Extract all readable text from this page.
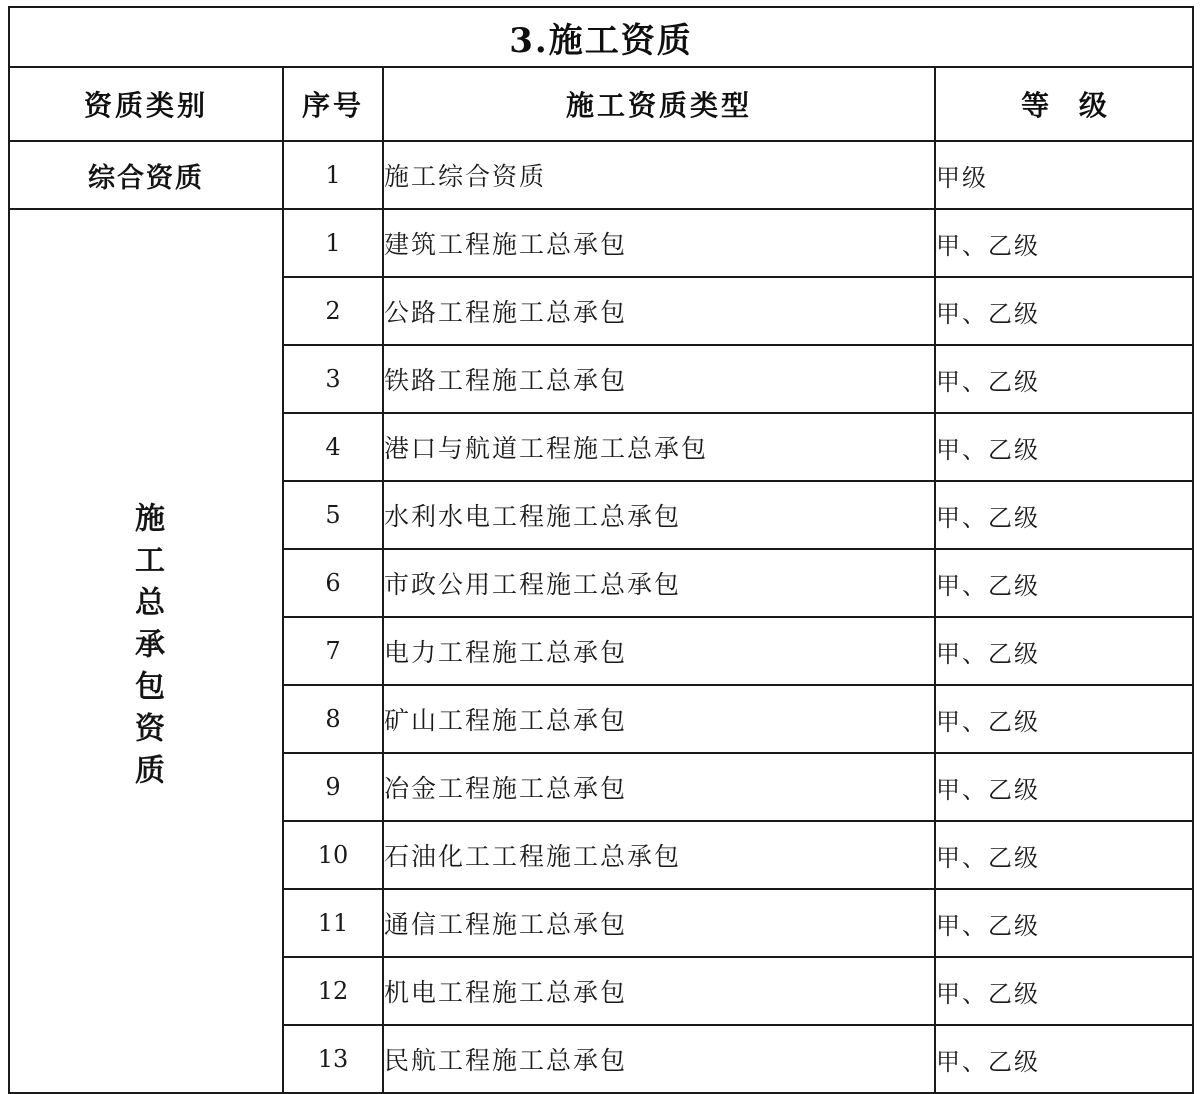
3.施工资质			
资质类别	序号	施工资质类型	等 级
综合资质	1	施工综合资质	甲级
施工总承包资质	1	建筑工程施工总承包	甲、乙级
	2	公路工程施工总承包	甲、乙级
	3	铁路工程施工总承包	甲、乙级
	4	港口与航道工程施工总承包	甲、乙级
	5	水利水电工程施工总承包	甲、乙级
	6	市政公用工程施工总承包	甲、乙级
	7	电力工程施工总承包	甲、乙级
	8	矿山工程施工总承包	甲、乙级
	9	冶金工程施工总承包	甲、乙级
	10	石油化工工程施工总承包	甲、乙级
	11	通信工程施工总承包	甲、乙级
	12	机电工程施工总承包	甲、乙级
	13	民航工程施工总承包	甲、乙级
